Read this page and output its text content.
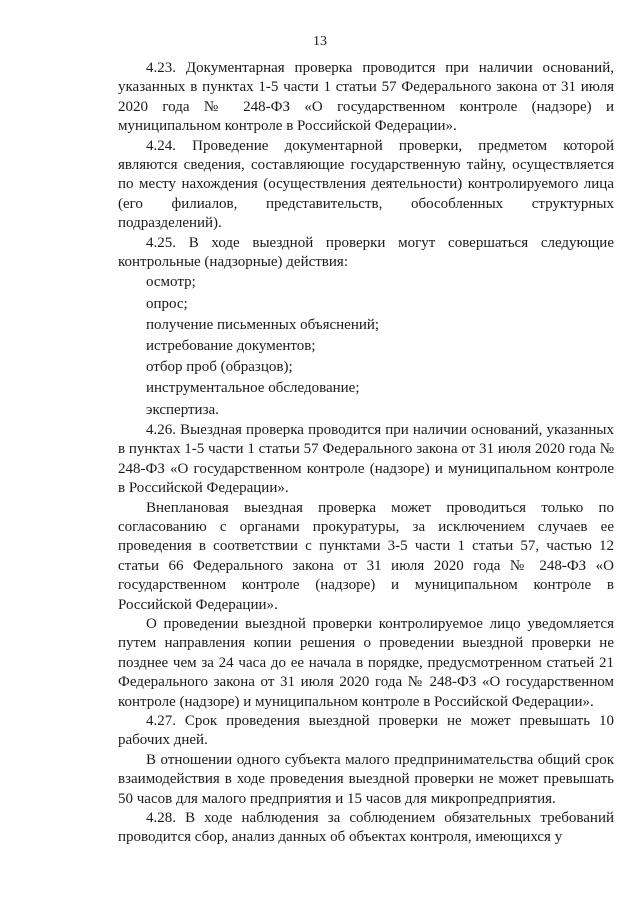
13

4.23. Документарная проверка проводится при наличии оснований, указанных в пунктах 1-5 части 1 статьи 57 Федерального закона от 31 июля 2020 года № 248-ФЗ «О государственном контроле (надзоре) и муниципальном контроле в Российской Федерации».

4.24. Проведение документарной проверки, предметом которой являются сведения, составляющие государственную тайну, осуществляется по месту нахождения (осуществления деятельности) контролируемого лица (его филиалов, представительств, обособленных структурных подразделений).

4.25. В ходе выездной проверки могут совершаться следующие контрольные (надзорные) действия:

осмотр;
опрос;
получение письменных объяснений;
истребование документов;
отбор проб (образцов);
инструментальное обследование;
экспертиза.

4.26. Выездная проверка проводится при наличии оснований, указанных в пунктах 1-5 части 1 статьи 57 Федерального закона от 31 июля 2020 года № 248-ФЗ «О государственном контроле (надзоре) и муниципальном контроле в Российской Федерации».

Внеплановая выездная проверка может проводиться только по согласованию с органами прокуратуры, за исключением случаев ее проведения в соответствии с пунктами 3-5 части 1 статьи 57, частью 12 статьи 66 Федерального закона от 31 июля 2020 года № 248-ФЗ «О государственном контроле (надзоре) и муниципальном контроле в Российской Федерации».

О проведении выездной проверки контролируемое лицо уведомляется путем направления копии решения о проведении выездной проверки не позднее чем за 24 часа до ее начала в порядке, предусмотренном статьей 21 Федерального закона от 31 июля 2020 года № 248-ФЗ «О государственном контроле (надзоре) и муниципальном контроле в Российской Федерации».

4.27. Срок проведения выездной проверки не может превышать 10 рабочих дней.

В отношении одного субъекта малого предпринимательства общий срок взаимодействия в ходе проведения выездной проверки не может превышать 50 часов для малого предприятия и 15 часов для микропредприятия.

4.28. В ходе наблюдения за соблюдением обязательных требований проводится сбор, анализ данных об объектах контроля, имеющихся у
